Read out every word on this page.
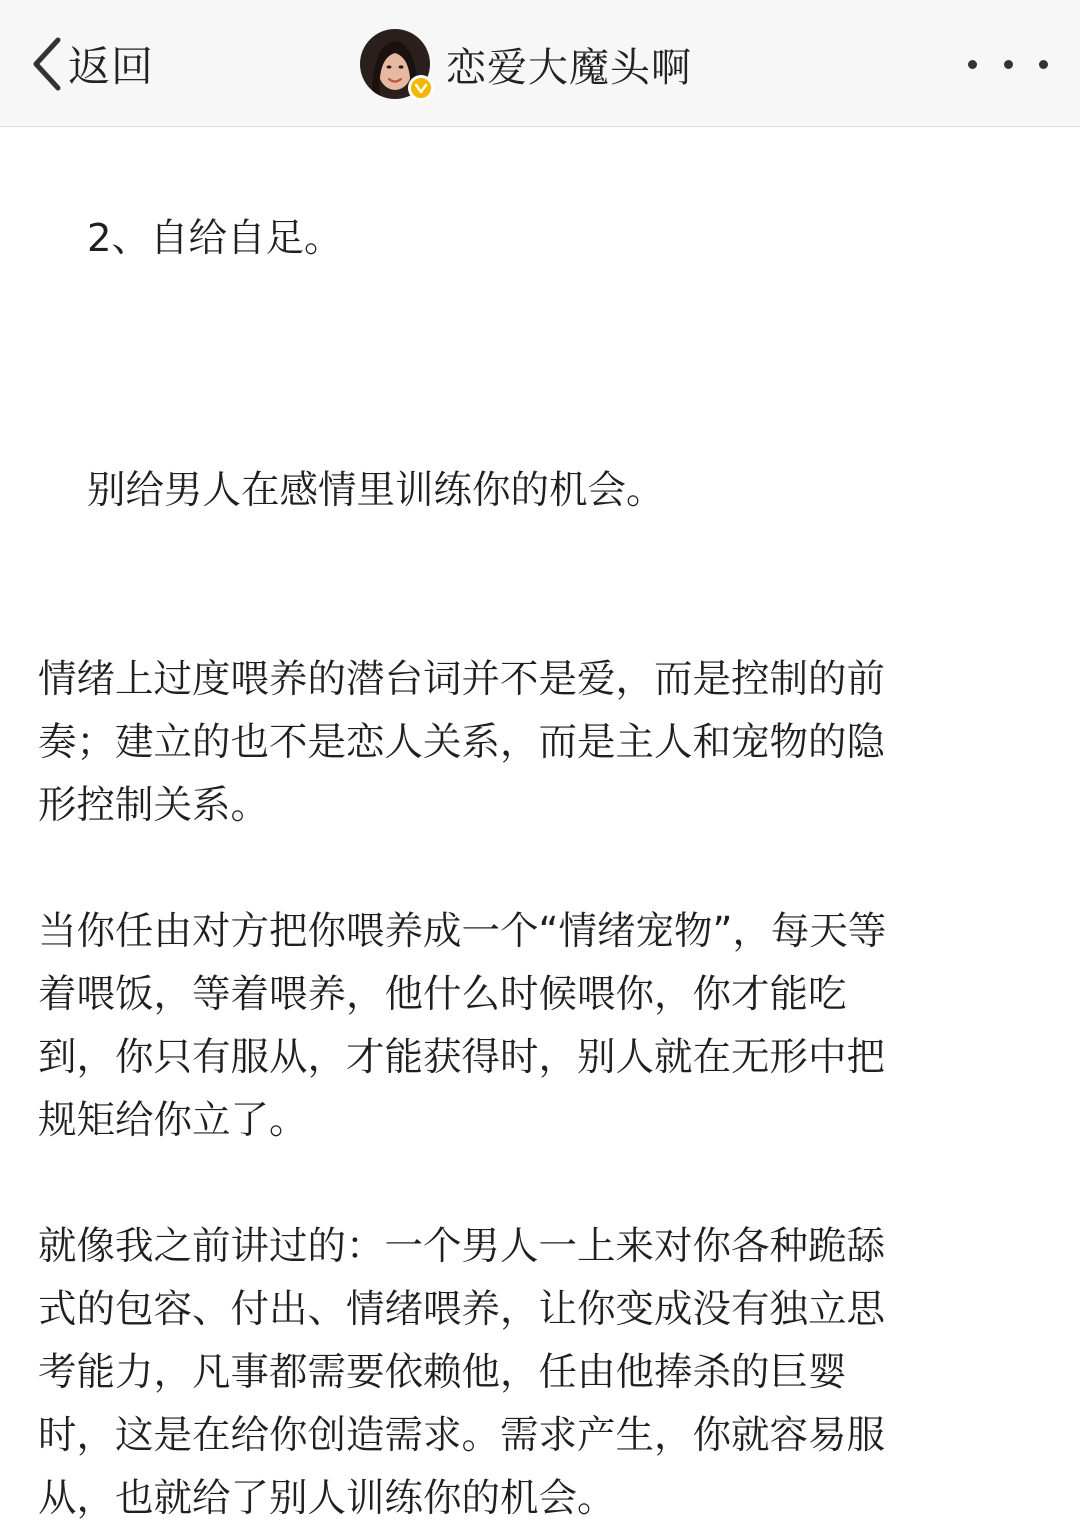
返回	恋爱大魔头啊

2、自给自足。

别给男人在感情里训练你的机会。

情绪上过度喂养的潜台词并不是爱，而是控制的前
奏；建立的也不是恋人关系，而是主人和宠物的隐
形控制关系。

当你任由对方把你喂养成一个“情绪宠物”，每天等
着喂饭，等着喂养，他什么时候喂你，你才能吃
到，你只有服从，才能获得时，别人就在无形中把
规矩给你立了。

就像我之前讲过的：一个男人一上来对你各种跪舔
式的包容、付出、情绪喂养，让你变成没有独立思
考能力，凡事都需要依赖他，任由他捧杀的巨婴
时，这是在给你创造需求。需求产生，你就容易服
从，也就给了别人训练你的机会。
